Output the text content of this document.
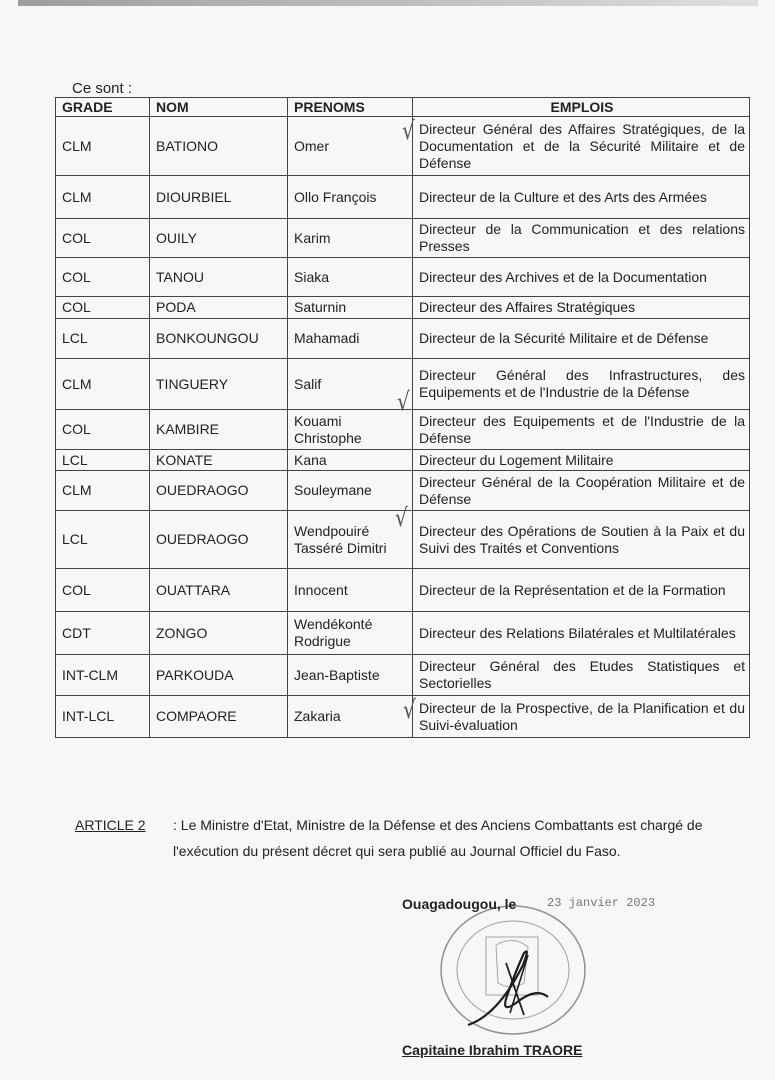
Ce sont :
GRADE	NOM	PRENOMS	EMPLOIS
CLM	BATIONO	Omer	Directeur Général des Affaires Stratégiques, de la Documentation et de la Sécurité Militaire et de Défense
CLM	DIOURBIEL	Ollo François	Directeur de la Culture et des Arts des Armées
COL	OUILY	Karim	Directeur de la Communication et des relations Presses
COL	TANOU	Siaka	Directeur des Archives et de la Documentation
COL	PODA	Saturnin	Directeur des Affaires Stratégiques
LCL	BONKOUNGOU	Mahamadi	Directeur de la Sécurité Militaire et de Défense
CLM	TINGUERY	Salif	Directeur Général des Infrastructures, des Equipements et de l'Industrie de la Défense
COL	KAMBIRE	Kouami Christophe	Directeur des Equipements et de l'Industrie de la Défense
LCL	KONATE	Kana	Directeur du Logement Militaire
CLM	OUEDRAOGO	Souleymane	Directeur Général de la Coopération Militaire et de Défense
LCL	OUEDRAOGO	Wendpouiré Tasséré Dimitri	Directeur des Opérations de Soutien à la Paix et du Suivi des Traités et Conventions
COL	OUATTARA	Innocent	Directeur de la Représentation et de la Formation
CDT	ZONGO	Wendékonté Rodrigue	Directeur des Relations Bilatérales et Multilatérales
INT-CLM	PARKOUDA	Jean-Baptiste	Directeur Général des Etudes Statistiques et Sectorielles
INT-LCL	COMPAORE	Zakaria	Directeur de la Prospective, de la Planification et du Suivi-évaluation
√
√
√
√
ARTICLE 2	: Le Ministre d'Etat, Ministre de la Défense et des Anciens Combattants est chargé de l'exécution du présent décret qui sera publié au Journal Officiel du Faso.
Ouagadougou, le	23 janvier 2023
Capitaine Ibrahim TRAORE
